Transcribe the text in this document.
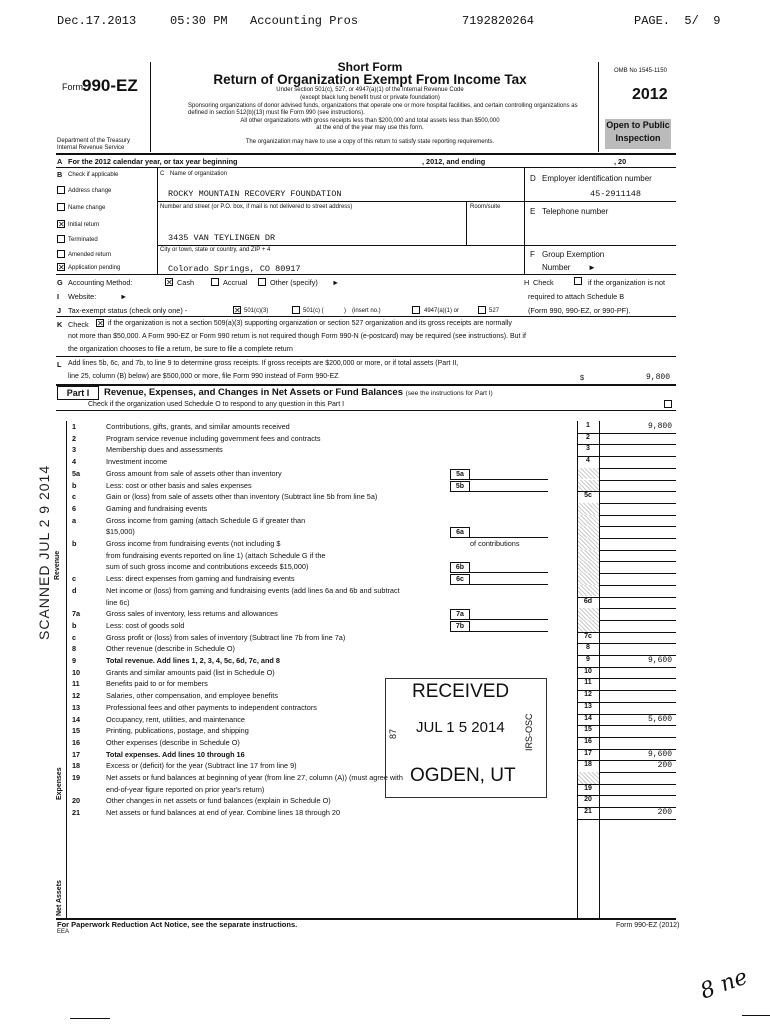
Dec.17.2013	05:30 PM Accounting Pros	7192820264	PAGE.  5/  9
Form 990-EZ
Department of the Treasury
Internal Revenue Service
Short Form
Return of Organization Exempt From Income Tax
Under section 501(c), 527, or 4947(a)(1) of the Internal Revenue Code
(except black lung benefit trust or private foundation)
Sponsoring organizations of donor advised funds, organizations that operate one or more hospital facilities, and certain controlling organizations as defined in section 512(b)(13) must file Form 990 (see instructions).
All other organizations with gross receipts less than $200,000 and total assets less than $500,000
at the end of the year may use this form.
The organization may have to use a copy of this return to satisfy state reporting requirements.
OMB No 1545-1150
2012
Open to Public
Inspection
A For the 2012 calendar year, or tax year beginning	, 2012, and ending	, 20
B Check if applicable
Address change
Name change
✕ Initial return
Terminated
Amended return
✕ Application pending
C Name of organization
ROCKY MOUNTAIN RECOVERY FOUNDATION
Number and street (or P.O. box, if mail is not delivered to street address)	Room/suite
3435 VAN TEYLINGEN DR
City or town, state or country, and ZIP + 4
Colorado Springs, CO 80917
D Employer identification number
45-2911148
E Telephone number
F Group Exemption
Number ►
G Accounting Method:	✕ Cash	Accrual	Other (specify) ►	H Check	if the organization is not
required to attach Schedule B
(Form 990, 990-EZ, or 990-PF).
I Website:	►
J Tax-exempt status (check only one) -	✕ 501(c)(3)	501(c) (	) (insert no.)	4947(a)(1) or	527
K Check ✕ if the organization is not a section 509(a)(3) supporting organization or section 527 organization and its gross receipts are normally
not more than $50,000. A Form 990-EZ or Form 990 return is not required though Form 990-N (e-postcard) may be required (see instructions). But if
the organization chooses to file a return, be sure to file a complete return
L Add lines 5b, 6c, and 7b, to line 9 to determine gross receipts. If gross receipts are $200,000 or more, or if total assets (Part II,
line 25, column (B) below) are $500,000 or more, file Form 990 instead of Form 990-EZ	$	9,800
Part I	Revenue, Expenses, and Changes in Net Assets or Fund Balances (see the instructions for Part I)
Check if the organization used Schedule O to respond to any question in this Part I
Revenue
Expenses
Net Assets
1	Contributions, gifts, grants, and similar amounts received	1	9,800
2	Program service revenue including government fees and contracts	2
3	Membership dues and assessments	3
4	Investment income	4
5a	Gross amount from sale of assets other than inventory	5a
b	Less: cost or other basis and sales expenses	5b
c	Gain or (loss) from sale of assets other than inventory (Subtract line 5b from line 5a)	5c
6	Gaming and fundraising events
a	Gross income from gaming (attach Schedule G if greater than
$15,000)	6a
b	Gross income from fundraising events (not including $	of contributions
from fundraising events reported on line 1) (attach Schedule G if the
sum of such gross income and contributions exceeds $15,000)	6b
c	Less: direct expenses from gaming and fundraising events	6c
d	Net income or (loss) from gaming and fundraising events (add lines 6a and 6b and subtract
line 6c)	6d
7a	Gross sales of inventory, less returns and allowances	7a
b	Less: cost of goods sold	7b
c	Gross profit or (loss) from sales of inventory (Subtract line 7b from line 7a)	7c
8	Other revenue (describe in Schedule O)	8
9	Total revenue. Add lines 1, 2, 3, 4, 5c, 6d, 7c, and 8	9	9,600
10	Grants and similar amounts paid (list in Schedule O)	10
11	Benefits paid to or for members	11
12	Salaries, other compensation, and employee benefits	12
13	Professional fees and other payments to independent contractors	13
14	Occupancy, rent, utilities, and maintenance	14	5,600
15	Printing, publications, postage, and shipping	15
16	Other expenses (describe in Schedule O)	16
17	Total expenses. Add lines 10 through 16	17	9,600
18	Excess or (deficit) for the year (Subtract line 17 from line 9)	18	200
19	Net assets or fund balances at beginning of year (from line 27, column (A)) (must agree with
end-of-year figure reported on prior year's return)	19
20	Other changes in net assets or fund balances (explain in Schedule O)	20
21	Net assets or fund balances at end of year. Combine lines 18 through 20	21	200
SCANNED JUL 2 9 2014
RECEIVED
JUL 1 5 2014
OGDEN, UT
IRS-OSC
87
For Paperwork Reduction Act Notice, see the separate instructions.
EEA
Form 990-EZ (2012)
8 ne
